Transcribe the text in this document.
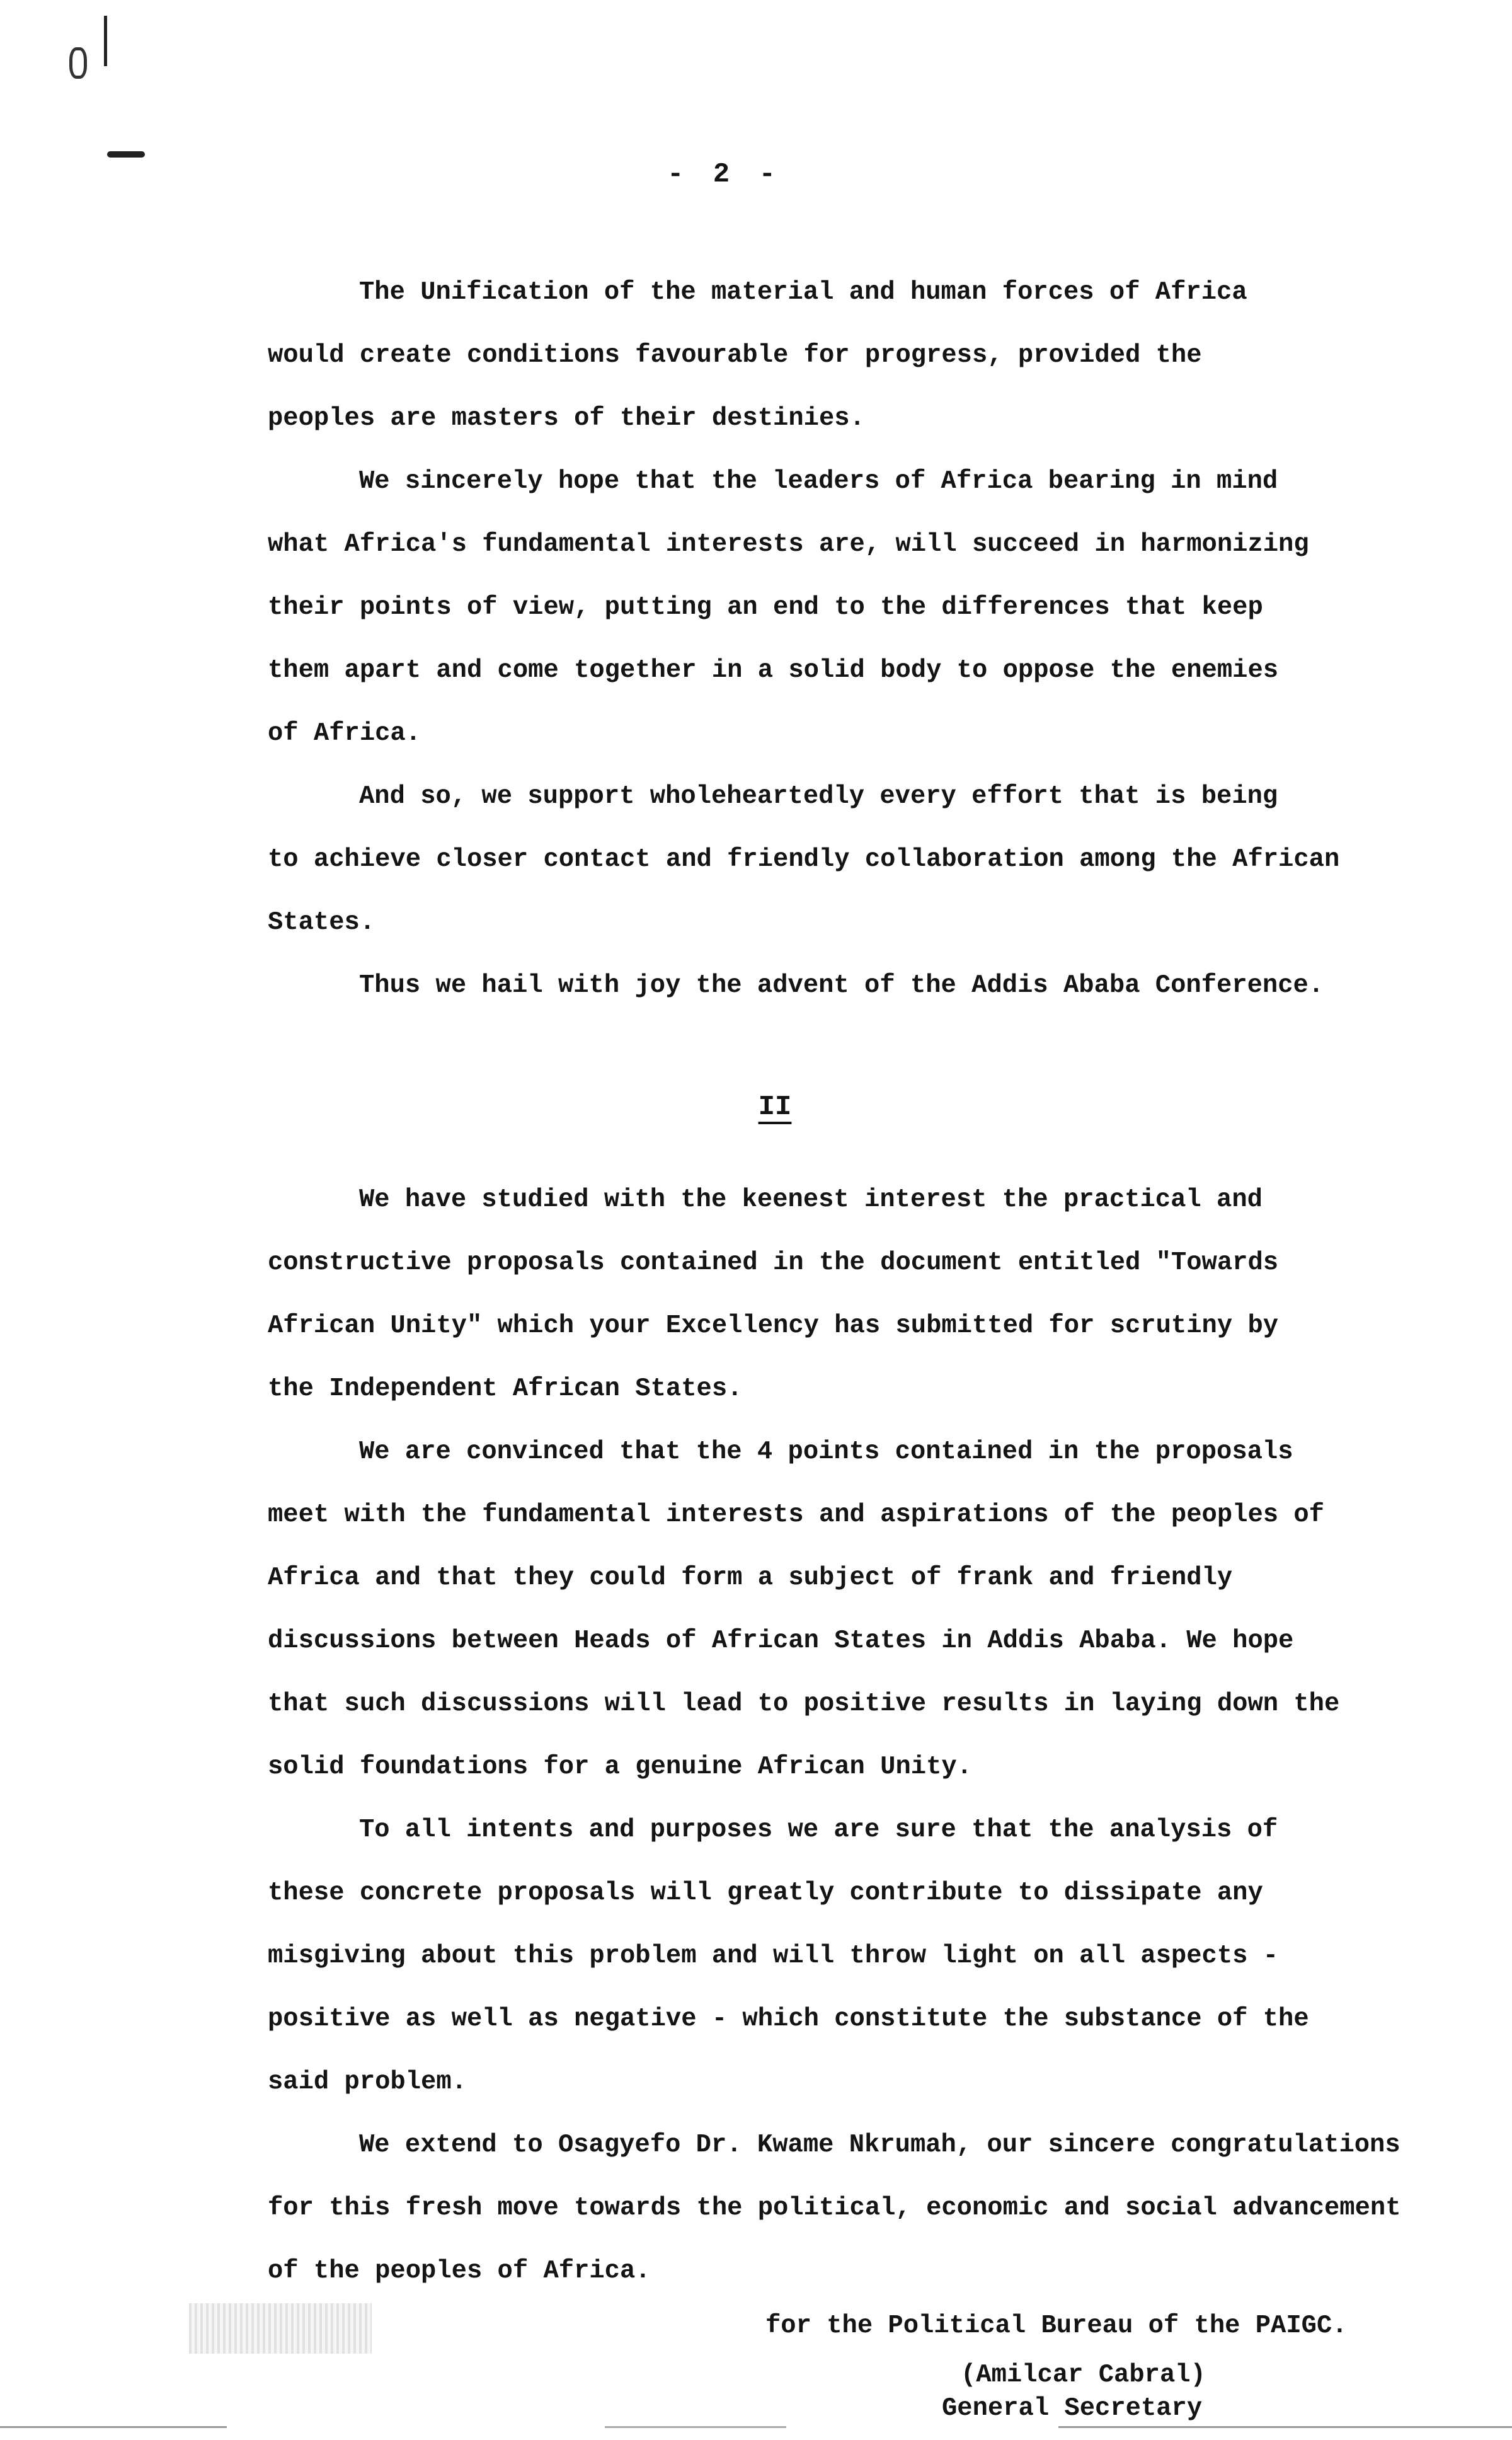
- 2 -
The Unification of the material and human forces of Africa
would create conditions favourable for progress, provided the
peoples are masters of their destinies.
We sincerely hope that the leaders of Africa bearing in mind
what Africa's fundamental interests are, will succeed in harmonizing
their points of view, putting an end to the differences that keep
them apart and come together in a solid body to oppose the enemies
of Africa.
And so, we support wholeheartedly every effort that is being
to achieve closer contact and friendly collaboration among the African
States.
Thus we hail with joy the advent of the Addis Ababa Conference.
II
We have studied with the keenest interest the practical and
constructive proposals contained in the document entitled "Towards
African Unity" which your Excellency has submitted for scrutiny by
the Independent African States.
We are convinced that the 4 points contained in the proposals
meet with the fundamental interests and aspirations of the peoples of
Africa and that they could form a subject of frank and friendly
discussions between Heads of African States in Addis Ababa. We hope
that such discussions will lead to positive results in laying down the
solid foundations for a genuine African Unity.
To all intents and purposes we are sure that the analysis of
these concrete proposals will greatly contribute to dissipate any
misgiving about this problem and will throw light on all aspects -
positive as well as negative - which constitute the substance of the
said problem.
We extend to Osagyefo Dr. Kwame Nkrumah, our sincere congratulations
for this fresh move towards the political, economic and social advancement
of the peoples of Africa.
for the Political Bureau of the PAIGC.
(Amilcar Cabral)
General Secretary
